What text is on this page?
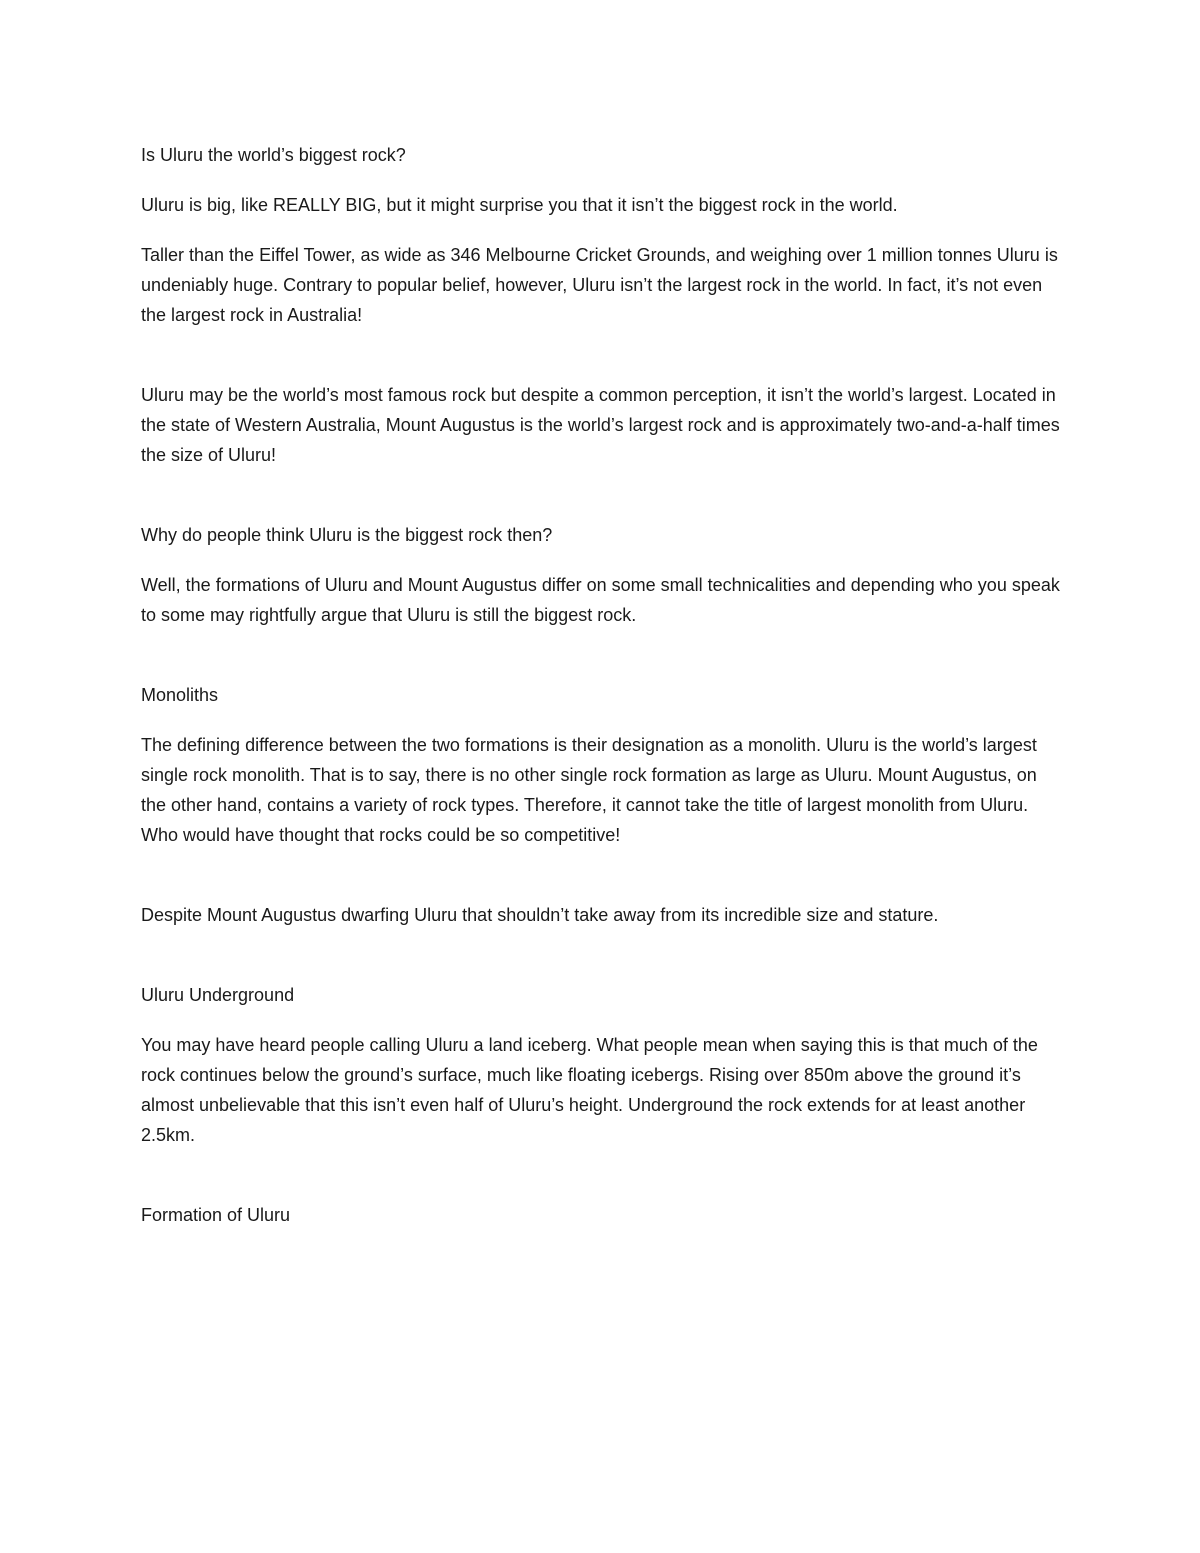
Is Uluru the world’s biggest rock?

Uluru is big, like REALLY BIG, but it might surprise you that it isn’t the biggest rock in the world.

Taller than the Eiffel Tower, as wide as 346 Melbourne Cricket Grounds, and weighing over 1 million tonnes Uluru is undeniably huge. Contrary to popular belief, however, Uluru isn’t the largest rock in the world. In fact, it’s not even the largest rock in Australia!

Uluru may be the world’s most famous rock but despite a common perception, it isn’t the world’s largest. Located in the state of Western Australia, Mount Augustus is the world’s largest rock and is approximately two-and-a-half times the size of Uluru!

Why do people think Uluru is the biggest rock then?

Well, the formations of Uluru and Mount Augustus differ on some small technicalities and depending who you speak to some may rightfully argue that Uluru is still the biggest rock.

Monoliths

The defining difference between the two formations is their designation as a monolith. Uluru is the world’s largest single rock monolith. That is to say, there is no other single rock formation as large as Uluru. Mount Augustus, on the other hand, contains a variety of rock types. Therefore, it cannot take the title of largest monolith from Uluru. Who would have thought that rocks could be so competitive!

Despite Mount Augustus dwarfing Uluru that shouldn’t take away from its incredible size and stature.

Uluru Underground

You may have heard people calling Uluru a land iceberg. What people mean when saying this is that much of the rock continues below the ground’s surface, much like floating icebergs. Rising over 850m above the ground it’s almost unbelievable that this isn’t even half of Uluru’s height. Underground the rock extends for at least another 2.5km.

Formation of Uluru
